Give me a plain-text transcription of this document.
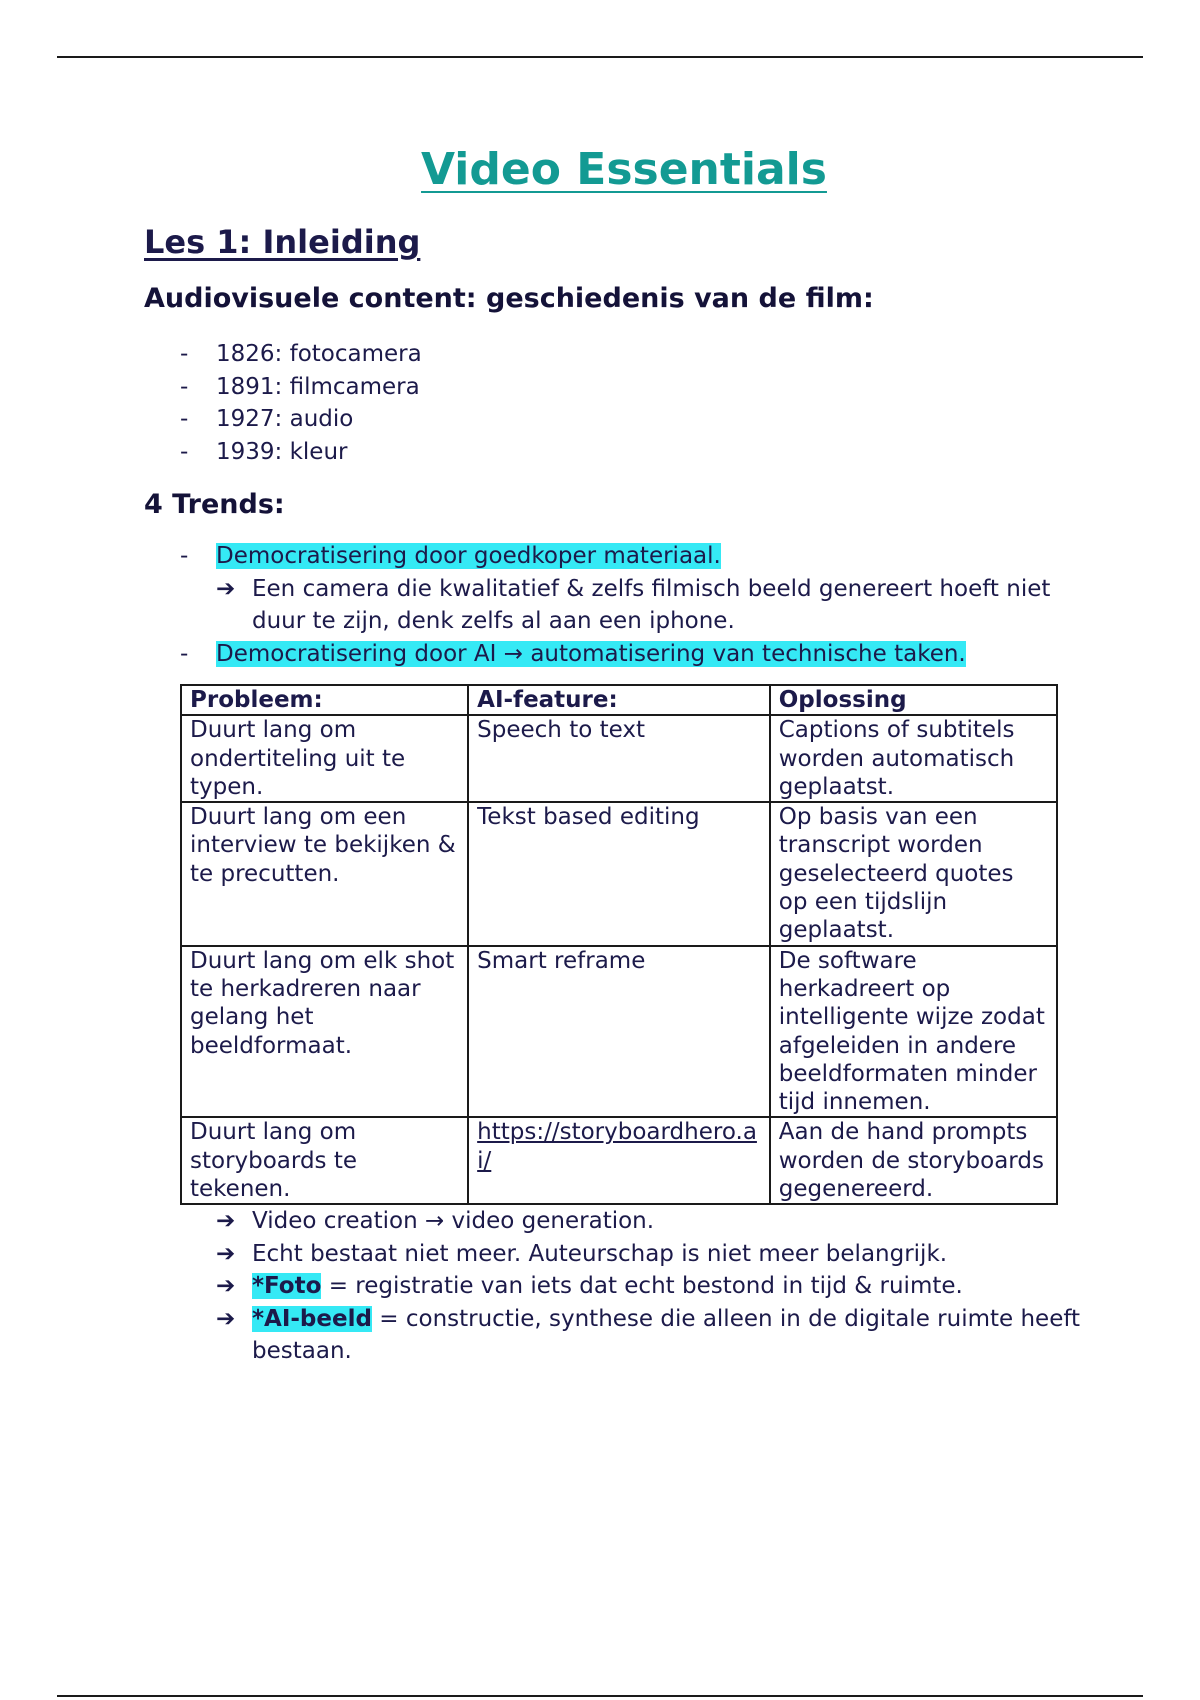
Video Essentials
Les 1: Inleiding
Audiovisuele content: geschiedenis van de film:
- 1826: fotocamera
- 1891: filmcamera
- 1927: audio
- 1939: kleur
4 Trends:
- Democratisering door goedkoper materiaal.
➔ Een camera die kwalitatief & zelfs filmisch beeld genereert hoeft niet duur te zijn, denk zelfs al aan een iphone.
- Democratisering door AI → automatisering van technische taken.
Probleem:	AI-feature:	Oplossing
Duurt lang om ondertiteling uit te typen.	Speech to text	Captions of subtitels worden automatisch geplaatst.
Duurt lang om een interview te bekijken & te precutten.	Tekst based editing	Op basis van een transcript worden geselecteerd quotes op een tijdslijn geplaatst.
Duurt lang om elk shot te herkadreren naar gelang het beeldformaat.	Smart reframe	De software herkadreert op intelligente wijze zodat afgeleiden in andere beeldformaten minder tijd innemen.
Duurt lang om storyboards te tekenen.	https://storyboardhero.ai/	Aan de hand prompts worden de storyboards gegenereerd.
➔ Video creation → video generation.
➔ Echt bestaat niet meer. Auteurschap is niet meer belangrijk.
➔ *Foto = registratie van iets dat echt bestond in tijd & ruimte.
➔ *AI-beeld = constructie, synthese die alleen in de digitale ruimte heeft bestaan.
